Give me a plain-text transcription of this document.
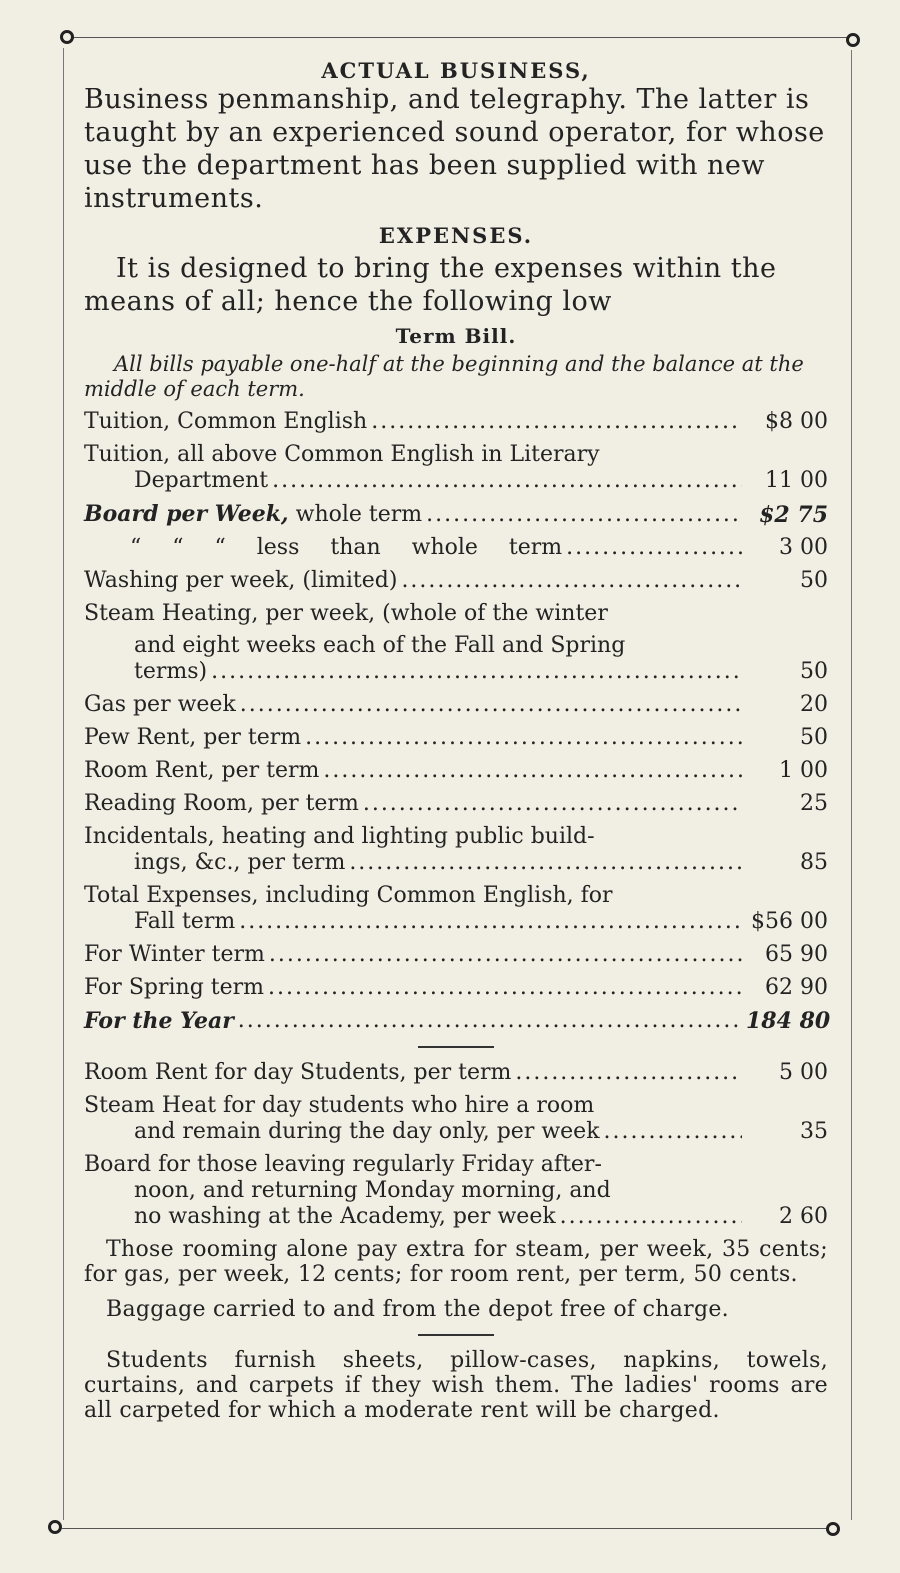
ACTUAL BUSINESS,
Business penmanship, and telegraphy. The latter is taught by an experienced sound operator, for whose use the department has been supplied with new instruments.
EXPENSES.
It is designed to bring the expenses within the means of all; hence the following low
Term Bill.
All bills payable one-half at the beginning and the balance at the middle of each term.
Tuition, Common English .....	$8 00
Tuition, all above Common English in Literary
Department .....	11 00
Board per Week, whole term .....	$2 75
“ “ “ less than whole term .....	3 00
Washing per week, (limited) .....	50
Steam Heating, per week, (whole of the winter
and eight weeks each of the Fall and Spring
terms) .....	50
Gas per week .....	20
Pew Rent, per term .....	50
Room Rent, per term .....	1 00
Reading Room, per term .....	25
Incidentals, heating and lighting public build-
ings, &c., per term .....	85
Total Expenses, including Common English, for
Fall term .....	$56 00
For Winter term .....	65 90
For Spring term .....	62 90
For the Year .....	184 80
Room Rent for day Students, per term .....	5 00
Steam Heat for day students who hire a room
and remain during the day only, per week .....	35
Board for those leaving regularly Friday after-
noon, and returning Monday morning, and
no washing at the Academy, per week .....	2 60
Those rooming alone pay extra for steam, per week, 35 cents; for gas, per week, 12 cents; for room rent, per term, 50 cents.
Baggage carried to and from the depot free of charge.
Students furnish sheets, pillow-cases, napkins, towels, curtains, and carpets if they wish them. The ladies' rooms are all carpeted for which a moderate rent will be charged.
